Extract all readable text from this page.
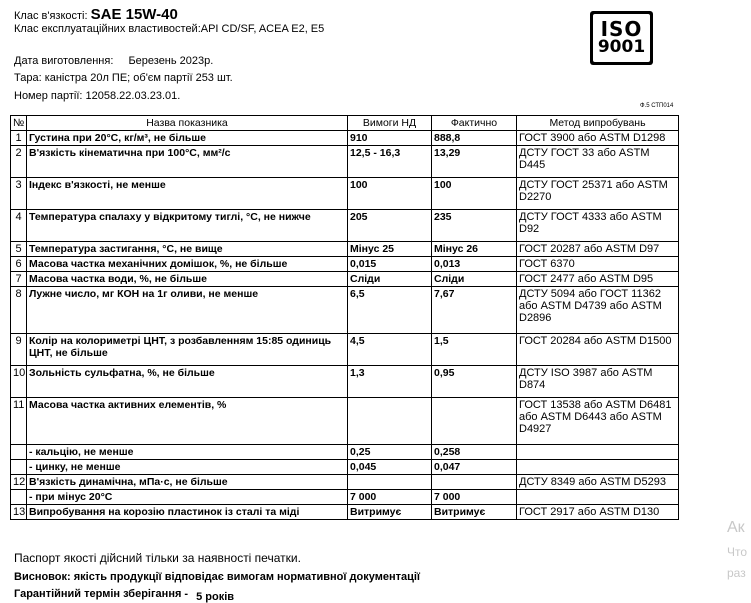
Клас в'язкості: SAE 15W-40
Клас експлуатаційних властивостей:API CD/SF, ACEA E2, E5
Дата виготовлення: Березень 2023р.
Тара: каністра 20л ПЕ; об'єм партії 253 шт.
Номер партії: 12058.22.03.23.01.
ISO
9001
Ф.5 СТП014
№	Назва показника	Вимоги НД	Фактично	Метод випробувань
1	Густина при 20°С, кг/м³, не більше	910	888,8	ГОСТ 3900 або ASTM D1298
2	В'язкість кінематична при 100°С, мм²/с	12,5 - 16,3	13,29	ДСТУ ГОСТ 33 або ASTM D445
3	Індекс в'язкості, не менше	100	100	ДСТУ ГОСТ 25371 або ASTM D2270
4	Температура спалаху у відкритому тиглі, °С, не нижче	205	235	ДСТУ ГОСТ 4333 або ASTM D92
5	Температура застигання, °С, не вище	Мінус 25	Мінус 26	ГОСТ 20287 або ASTM D97
6	Масова частка механічних домішок, %, не більше	0,015	0,013	ГОСТ 6370
7	Масова частка води, %, не більше	Сліди	Сліди	ГОСТ 2477 або ASTM D95
8	Лужне число, мг КОН на 1г оливи, не менше	6,5	7,67	ДСТУ 5094 або ГОСТ 11362 або ASTM D4739 або ASTM D2896
9	Колір на колориметрі ЦНТ, з розбавленням 15:85 одиниць ЦНТ, не більше	4,5	1,5	ГОСТ 20284 або ASTM D1500
10	Зольність сульфатна, %, не більше	1,3	0,95	ДСТУ ISO 3987 або ASTM D874
11	Масова частка активних елементів, %			ГОСТ 13538 або ASTM D6481 або ASTM D6443 або ASTM D4927
	- кальцію, не менше	0,25	0,258	
	- цинку, не менше	0,045	0,047	
12	В'язкість динамічна, мПа·с, не більше			ДСТУ 8349 або ASTM D5293
	- при мінус 20°С	7 000	7 000	
13	Випробування на корозію пластинок із сталі та міді	Витримує	Витримує	ГОСТ 2917 або ASTM D130
Паспорт якості дійсний тільки за наявності печатки.
Висновок: якість продукції відповідає вимогам нормативної документації
Гарантійний термін зберігання - 5 років
Ак
Что
раз
